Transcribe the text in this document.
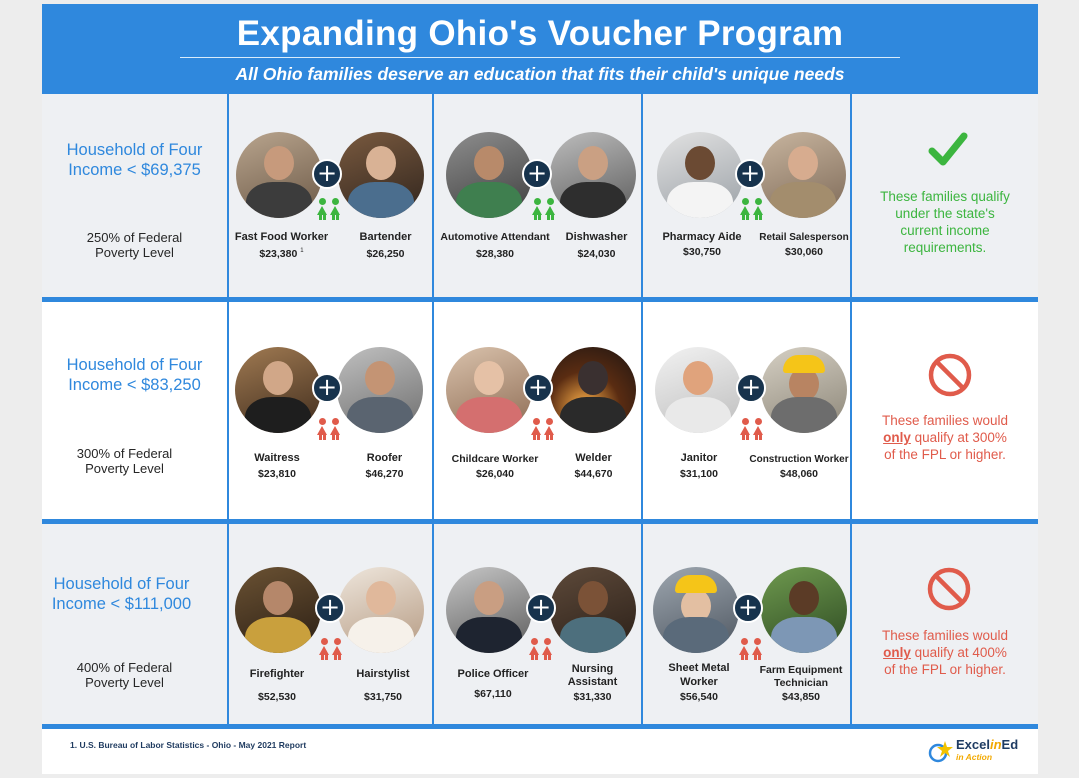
Expanding Ohio's Voucher Program
All Ohio families deserve an education that fits their child's unique needs
Household of Four
Income < $69,375
250% of Federal
Poverty Level
+
Fast Food Worker
$23,380 $^1$
Bartender
$26,250
+
Automotive Attendant
$28,380
Dishwasher
$24,030
+
Pharmacy Aide
$30,750
Retail Salesperson
$30,060
These families qualify
under the state's
current income
requirements.
Household of Four
Income < $83,250
300% of Federal
Poverty Level
+
Waitress
$23,810
Roofer
$46,270
+
Childcare Worker
$26,040
Welder
$44,670
+
Janitor
$31,100
Construction Worker
$48,060
These families would
only qualify at 300%
of the FPL or higher.
Household of Four
Income < $111,000
400% of Federal
Poverty Level
+
Firefighter
$52,530
Hairstylist
$31,750
+
Police Officer
$67,110
Nursing
Assistant
$31,330
+
Sheet Metal
Worker
$56,540
Farm Equipment
Technician
$43,850
These families would
only qualify at 400%
of the FPL or higher.
1. U.S. Bureau of Labor Statistics - Ohio - May 2021 Report	ExcelinEd
in Action
